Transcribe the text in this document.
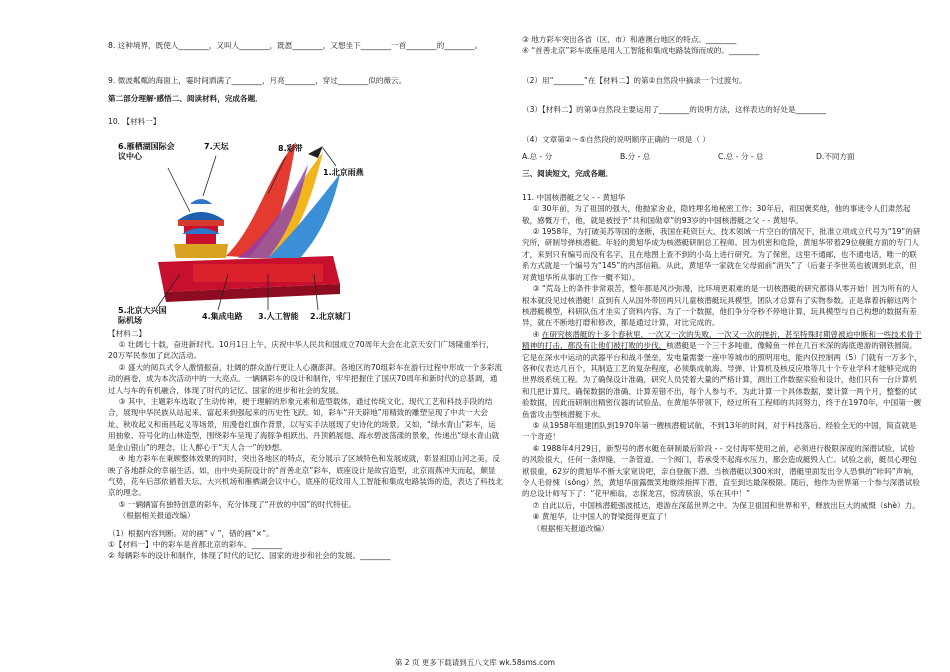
8. 这种境界，既使人________，又叫人________，既愿________，又想坐下________一首________的________。

9. 微波粼粼的海面上，霎时间洒满了________，月亮________，穿过________似的薇云。

第二部分理解·感悟二、阅读材料，完成各题．

10. 【材料一】

6.雁栖湖国际会议中心
7.天坛	8.彩带
1.北京雨燕
5.北京大兴国际机场	4.集成电路 3.人工智能 2.北京城门

【材料二】

① 壮阔七十载，奋进新时代。10月1日上午，庆祝中华人民共和国成立70周年大会在北京天安门广场隆重举行，20万军民参加了此次活动。

② 盛大的阅兵式令人激情振奋，壮阔的群众游行更让人心潮澎湃。各地区的70组彩车在游行过程中形成一个多彩流动的画卷，成为本次活动中的一大亮点。一辆辆彩车的设计和制作，牢牢把握住了国庆70周年和新时代的总基调，通过人与车的有机融合，体现了时代的记忆、国家的进步和社会的发展。

③ 其中，主题彩车选取了生动传神，便于理解的形象元素和造型载体，通过传统文化、现代工艺和科技手段的结合，展现中华民族从站起来、富起来到强起来的历史性飞跃。如，彩车“开天辟地”用精致的雕塑呈现了中共一大会址、秋收起义和南昌起义等场景，用漫卷红旗作背景，以写实手法展现了史诗化的场景。又如，“绿水青山”彩车，运用抽象、符号化的山林造型，围绕彩车呈现了海豚争相跃出、丹顶鹤展翅、海水碧波荡漾的景象，传递出“绿水青山就是金山银山”的理念，让人醉心于“天人合一”的妙想。

④ 地方彩车在秉顾整体效果的同时，突出各地区的特点，充分展示了区域特色和发展成就，彰显祖国山河之美，反映了各地群众的幸福生活。如，由中央美院设计的“首善北京”彩车，底座设计是故宫造型，北京雨燕冲天而起，颇显气势，花车后部依循着天坛、大兴机场和雁栖湖会议中心，底座的花纹用人工智能和集成电路装饰的造，表达了科技北京的理念。

⑤ 一辆辆富有独特创意的彩车，充分体现了“开放的中国”的时代特征。

（根据相关报道改编）

（1）根据内容判断。对的画“ √ ”，错的画“×”。

①【材料一】中的彩车是首都北京的彩车。________

② 每辆彩车的设计和制作，体现了时代的记忆、国家的进步和社会的发展。________

③ 地方彩车突出各省（区、市）和港澳台地区的特点。________

④ “首善北京”彩车底座是用人工智能和集成电路装饰而成的。________

（2）用“________”在【材料二】的第②自然段中摘录一个过渡句。

（3）【材料二】的第③自然段主要运用了________的说明方法，这样表达的好处是________

（4）文章第②～⑤自然段的说明顺序正确的一项是（ ）

A.总 - 分	B.分 - 总	C.总 - 分 - 总	D.不同方面

三、阅读短文，完成各题．

11. 中国核潜艇之父 - - 黄旭华

① 30年前，为了祖国的强大，他抛家舍业，隐姓埋名地秘密工作；30年后，祖国褒奖他，他的事迹令人们肃然起敬，感慨万千，他，就是被授予“共和国勋章”的93岁的中国核潜艇之父 - - 黄旭华。

② 1958年，为打破美苏等国的垄断，我国在耗资巨大、技术领域一片空白的情况下，批准立项成立代号为“19”的研究所，研制导弹核潜艇。年轻的黄旭华成为核潜艇研制总工程师。因为机密和危险，黄旭华带着29位舰艇方面的专门人才，来到只有编号而没有名字，且在地图上查不到的小岛上进行研究。为了保密，这里不通邮，也不通电话，唯一的联系方式就是一个编号为“145”的内部信箱。从此，黄旭华一家就在父母面前“消失”了（后妻子李世英也被调到北京，但对黄旭华所从事的工作一概不知）。

③ “荒岛上的条件非常艰苦，整年都是风沙弥漫，比环境更艰难的是一切核潜艇的研究都得从零开始！因为所有的人根本就没见过核潜艇！直到有人从国外带回两只儿童核潜艇玩具模型，团队才总算有了实物参数。正是靠着拆解这两个核潜艇模型，科研队伍才坐实了资料内容。为了一个数据，他们争分夺秒不停地计算，玩具模型与自己构想的数据有差异，就在不断地打磨和修改，都是通过计算，对比完成的。

④ 在研究核潜艇的十多个春秋里，一次又一次的失败，一次又一次的挫折，甚至特殊时期曾被迫中断和一些技术骨干精神的打击，都没有让他们被打败的步伐，核潜艇是一个三千多吨重、像鲸鱼一样在几百米深的海底遨游的钢铁圆筒。它是在深水中运动的武器平台和战斗堡垒，发电量需要一座中等城市的照明用电，能内仅控制两（5）门就有一万多个，各种仪表达几百个，其制造工艺的复杂程度，必须集成航海、导弹、计算机及核反应堆等几十个专业学科才能够完成的世界级系统工程。为了确保设计准确，研究人员凭着大量的严格计算，测出工作数据实验和设计，他们只有一台计算机和几把计算尺。确保数据的准确、计算差错不出，每个人参与不。为此计算一个具体数据，要计算一两个月，整整的试验数据，因此而研制出精密仪器的试验品。在黄旭华带领下，经过所有工程师的共同努力，终于在1970年，中国第一艘鱼雷攻击型核潜艇下水。

⑤ 从1958年组建团队到1970年第一艘核潜艇试航，不到13年的时间，对于科技落后、经验全无的中国，简直就是一个奇迹！

⑥ 1988年4月29日，新型号的潜水艇在研制最后阶段 - - 交付海军使用之前，必须进行极限深度的深潜试验，试验的风险很大，任何一条焊缝、一条管道、一个阀门，若承受不起海水压力，都会造成艇毁人亡。试验之前，艇员心理包袱很重，62岁的黄旭华不断大家宽说吧，亲自登舰下潜。当核潜艇以300米时，潜艇里面发出令人恐惧的“咔吗”声响，令人毛骨悚（sǒng）然，黄旭华面露微笑地继续指挥下潜，直至到达最深极限。随后，他作为世界第一个参与深潜试验的总设计师写下了：“花甲痴翁，志探龙宫，惊涛骇浪，乐在其中！”

⑦ 自此以后，中国核潜艇强波抵达，遨游在深蓝世界之中。为保卫祖国和世界和平，释放出巨大的威慑（shè）力。

⑧ 黄旭华，让中国人的脊梁挺得更直了！

（根据相关报道改编）

第 2 页 更多下载请到五八文库 wk.58sms.com
